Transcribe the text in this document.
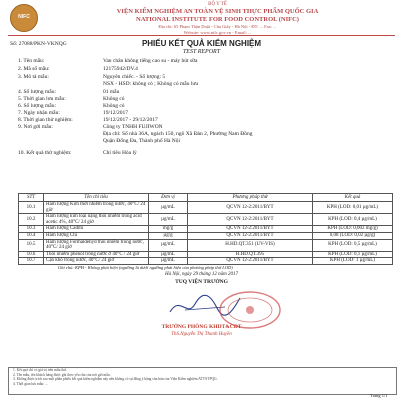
NIFC
BỘ Y TẾ
VIỆN KIỂM NGHIỆM AN TOÀN VỆ SINH THỰC PHẨM QUỐC GIA
NATIONAL INSTITUTE FOR FOOD CONTROL (NIFC)
Địa chỉ: 65 Phạm Thận Duật - Cầu Giấy - Hà Nội - ĐT: ... Fax: ...
Website: www.nifc.gov.vn - Email: ...
Số: 27088/PKN-VKNQG	PHIẾU KẾT QUẢ KIỂM NGHIỆM
TEST REPORT
1. Tên mẫu:	Van chân không tiếng cao su - máy hút sữa
2. Mã số mẫu:	12175942/DV.4
3. Mô tả mẫu:	Nguyên chiếc. - Số lượng: 5
NSX - HSD: không có ; Không có mẫu lưu
4. Số lượng mẫu:	01 mẫu
5. Thời gian lưu mẫu:	Không có
6. Số lượng mẫu:	Không có
7. Ngày nhận mẫu:	19/12/2017
8. Thời gian thử nghiệm:	19/12/2017 - 29/12/2017
9. Nơi gửi mẫu:	Công ty TNHH FUJIWON
Địa chỉ: Số nhà 36A, ngách 150, ngõ Xã Đàn 2, Phường Nam Đồng
Quận Đống Đa, Thành phố Hà Nội
10. Kết quả thử nghiệm:	Chỉ tiêu Hóa lý
STT	Tên chỉ tiêu	Đơn vị	Phương pháp thử	Kết quả
10.1	Hàm lượng Kim thời nhiễm trong nước, 40°C/ 24 giờ	µg/mL	QCVN 12-2:2011/BYT	KPH (LOD: 0,01 µg/mL)
10.2	Hàm lượng kim loại nặng thôi nhiễm trong acid acetic 4%, 40°C/ 24 giờ	µg/mL	QCVN 12-2:2011/BYT	KPH (LOD: 0,4 µg/mL)
10.3	Hàm lượng Cadmi	mg/g	QCVN 12-2:2011/BYT	KPH (LOD: 0,002 mg/g)
10.4	Hàm lượng Chì	µg/g	QCVN 12-2:2011/BYT	0,08 (LOD: 0,02 µg/g)
10.5	Hàm lượng Formaldehyd thôi nhiễm trong nước, 40°C/ 24 giờ	µg/mL	H.HD.QT.351 (UV-VIS)	KPH (LOD: 0,5 µg/mL)
10.6	Thôi nhiễm phenol trong nước ở 40°C / 24 giờ	µg/mL	H.HD.QT.395	KPH (LOD: 0,1 µg/mL)
10.7	Cặn khô trong nước, 40°C/ 24 giờ	µg/mL	QCVN 12-2:2011/BYT	KPH (LOD: 1 µg/mL)
Ghi chú: KPH - Không phát hiện (ngưỡng là dưới ngưỡng phát hiện của phương pháp thử LOD)
Hà Nội, ngày 29 tháng 12 năm 2017
TUQ VIỆN TRƯỞNG
TRƯỞNG PHÒNG KHDT&CĐT
ThS.Nguyễn Thị Thanh Huyền
1. Kết quả chỉ có giá trị trên mẫu thử.
2. Tên mẫu, tên khách hàng được ghi theo yêu cầu của nơi gửi mẫu.
3. Không được trích sao một phần phiếu kết quả kiểm nghiệm này nếu không có sự đồng ý bằng văn bản của Viện Kiểm nghiệm ATVSTPQG.
4. Thời gian lưu mẫu: ...
Trang 1/1
